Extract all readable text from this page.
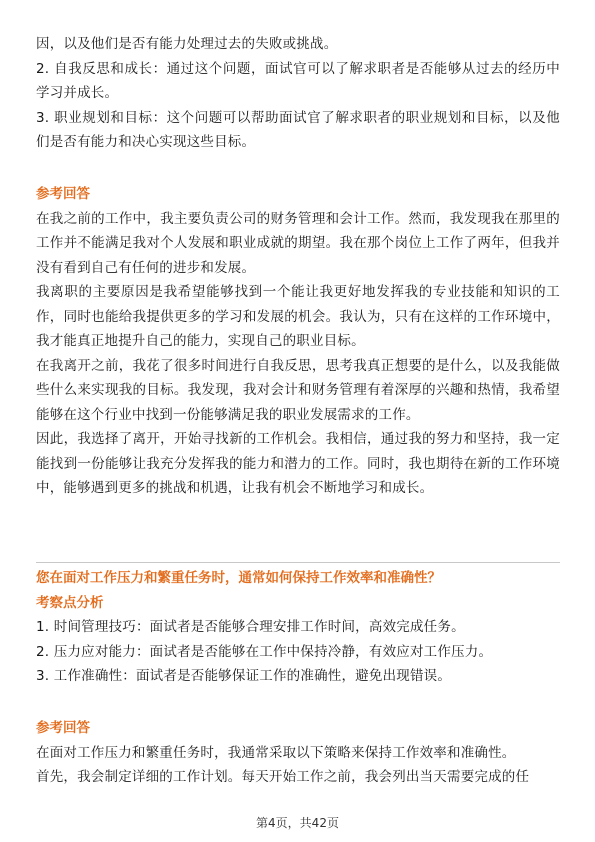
因，以及他们是否有能力处理过去的失败或挑战。

2. 自我反思和成长：通过这个问题，面试官可以了解求职者是否能够从过去的经历中学习并成长。

3. 职业规划和目标：这个问题可以帮助面试官了解求职者的职业规划和目标，以及他们是否有能力和决心实现这些目标。

参考回答

在我之前的工作中，我主要负责公司的财务管理和会计工作。然而，我发现我在那里的工作并不能满足我对个人发展和职业成就的期望。我在那个岗位上工作了两年，但我并没有看到自己有任何的进步和发展。

我离职的主要原因是我希望能够找到一个能让我更好地发挥我的专业技能和知识的工作，同时也能给我提供更多的学习和发展的机会。我认为，只有在这样的工作环境中，我才能真正地提升自己的能力，实现自己的职业目标。

在我离开之前，我花了很多时间进行自我反思，思考我真正想要的是什么，以及我能做些什么来实现我的目标。我发现，我对会计和财务管理有着深厚的兴趣和热情，我希望能够在这个行业中找到一份能够满足我的职业发展需求的工作。

因此，我选择了离开，开始寻找新的工作机会。我相信，通过我的努力和坚持，我一定能找到一份能够让我充分发挥我的能力和潜力的工作。同时，我也期待在新的工作环境中，能够遇到更多的挑战和机遇，让我有机会不断地学习和成长。

您在面对工作压力和繁重任务时，通常如何保持工作效率和准确性？

考察点分析

1. 时间管理技巧：面试者是否能够合理安排工作时间，高效完成任务。

2. 压力应对能力：面试者是否能够在工作中保持冷静，有效应对工作压力。

3. 工作准确性：面试者是否能够保证工作的准确性，避免出现错误。

参考回答

在面对工作压力和繁重任务时，我通常采取以下策略来保持工作效率和准确性。

首先，我会制定详细的工作计划。每天开始工作之前，我会列出当天需要完成的任

第4页，共42页
